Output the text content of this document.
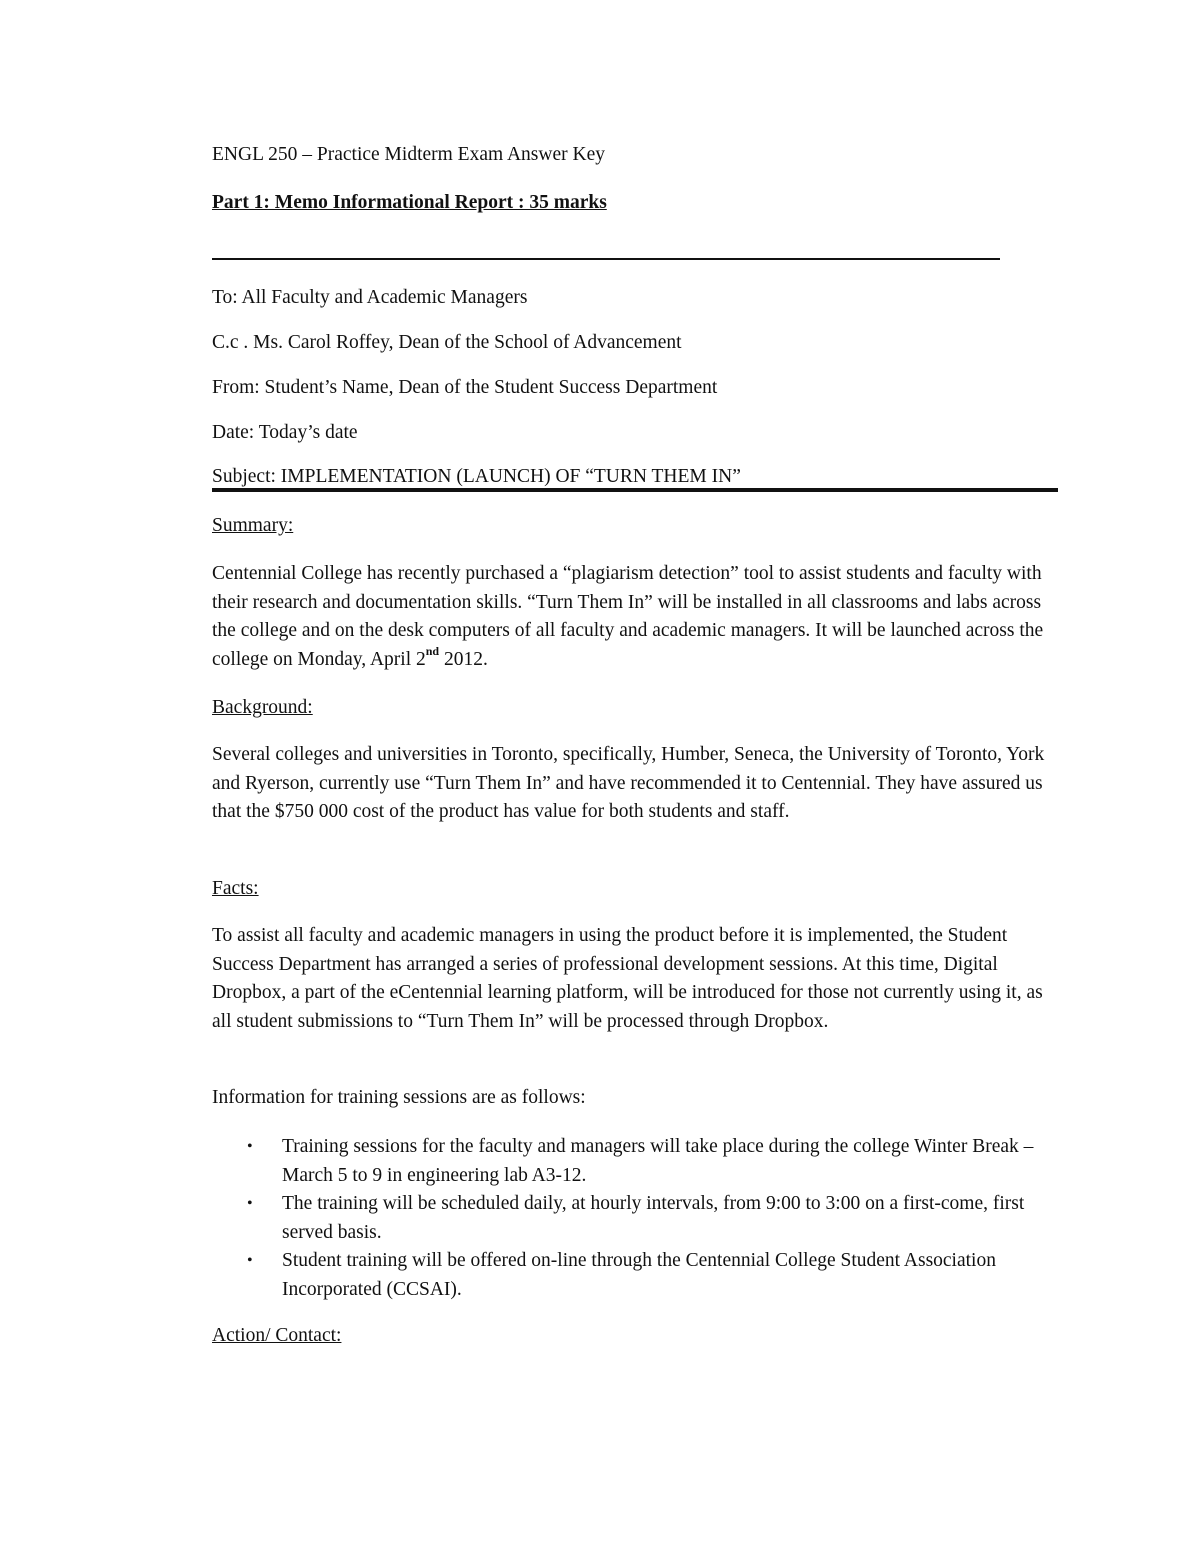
ENGL 250 – Practice Midterm Exam Answer Key
Part 1: Memo Informational Report : 35 marks
To: All Faculty and Academic Managers
C.c . Ms. Carol Roffey, Dean of the School of Advancement
From: Student’s Name, Dean of the Student Success Department
Date: Today’s date
Subject: IMPLEMENTATION (LAUNCH) OF “TURN THEM IN”
Summary:
Centennial College has recently purchased a “plagiarism detection” tool to assist students and faculty with their research and documentation skills. “Turn Them In” will be installed in all classrooms and labs across the college and on the desk computers of all faculty and academic managers. It will be launched across the college on Monday, April 2nd 2012.
Background:
Several colleges and universities in Toronto, specifically, Humber, Seneca, the University of Toronto, York and Ryerson, currently use “Turn Them In” and have recommended it to Centennial. They have assured us that the $750 000 cost of the product has value for both students and staff.
Facts:
To assist all faculty and academic managers in using the product before it is implemented, the Student Success Department has arranged a series of professional development sessions. At this time, Digital Dropbox, a part of the eCentennial learning platform, will be introduced for those not currently using it, as all student submissions to “Turn Them In” will be processed through Dropbox.
Information for training sessions are as follows:
• Training sessions for the faculty and managers will take place during the college Winter Break – March 5 to 9 in engineering lab A3-12.
• The training will be scheduled daily, at hourly intervals, from 9:00 to 3:00 on a first-come, first served basis.
• Student training will be offered on-line through the Centennial College Student Association Incorporated (CCSAI).
Action/ Contact:
